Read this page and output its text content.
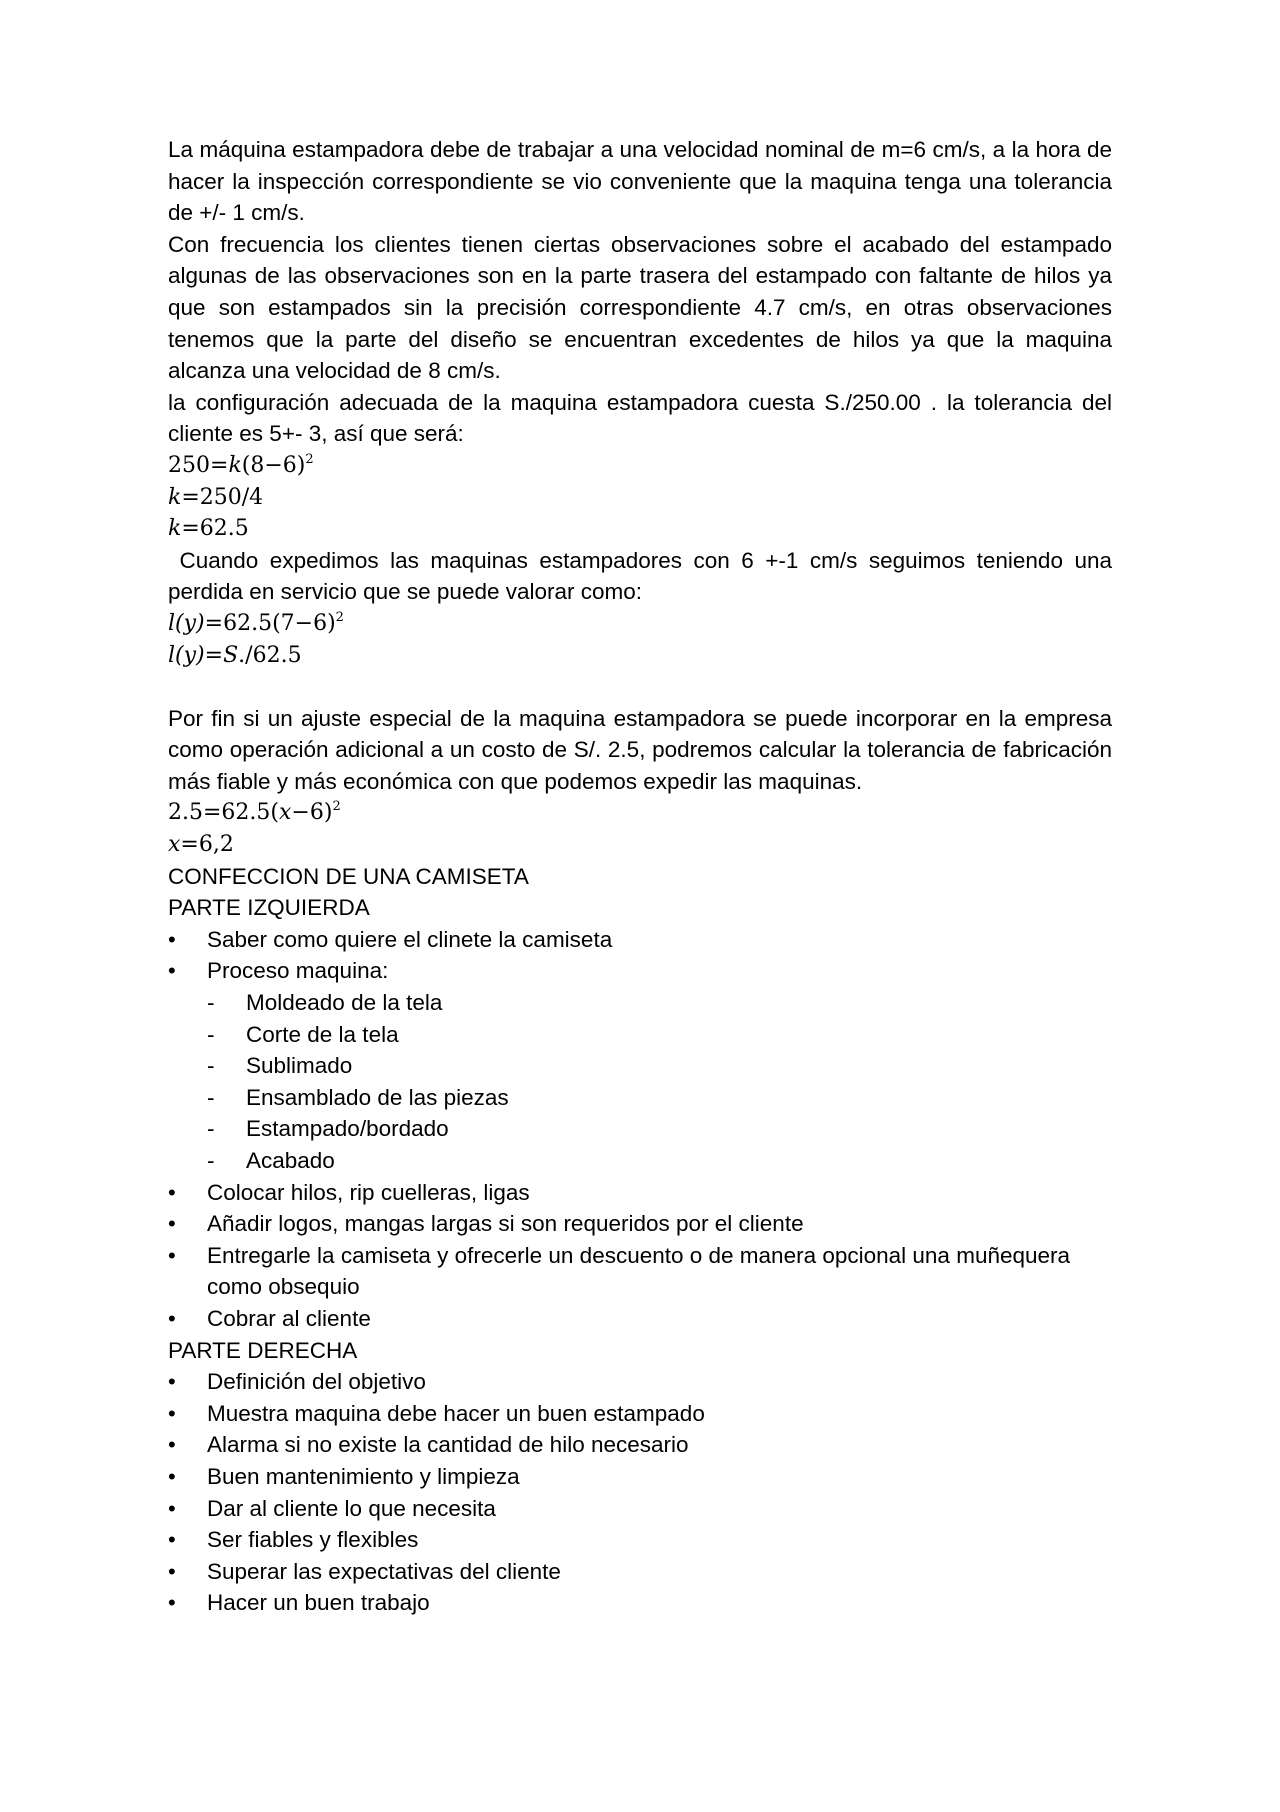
La máquina estampadora debe de trabajar a una velocidad nominal de m=6 cm/s, a la hora de hacer la inspección correspondiente se vio conveniente que la maquina tenga una tolerancia de +/- 1 cm/s.

Con frecuencia los clientes tienen ciertas observaciones sobre el acabado del estampado algunas de las observaciones son en la parte trasera del estampado con faltante de hilos ya que son estampados sin la precisión correspondiente 4.7 cm/s, en otras observaciones tenemos que la parte del diseño se encuentran excedentes de hilos ya que la maquina alcanza una velocidad de 8 cm/s.

la configuración adecuada de la maquina estampadora cuesta S./250.00 . la tolerancia del cliente es 5+- 3, así que será:

$250=k(8-6)^2$

k=250/4

k=62.5

Cuando expedimos las maquinas estampadores con 6 +-1 cm/s seguimos teniendo una perdida en servicio que se puede valorar como:

$l(y)=62.5(7-6)^2$

l(y)=S./62.5

Por fin si un ajuste especial de la maquina estampadora se puede incorporar en la empresa como operación adicional a un costo de S/. 2.5, podremos calcular la tolerancia de fabricación más fiable y más económica con que podemos expedir las maquinas.

$2.5=62.5(x-6)^2$

x=6,2

CONFECCION DE UNA CAMISETA

PARTE IZQUIERDA

•
Saber como quiere el clinete la camiseta
•
Proceso maquina:
- Moldeado de la tela
- Corte de la tela
- Sublimado
- Ensamblado de las piezas
- Estampado/bordado
- Acabado
•
Colocar hilos, rip cuelleras, ligas
•
Añadir logos, mangas largas si son requeridos por el cliente
•
Entregarle la camiseta y ofrecerle un descuento o de manera opcional una muñequera como obsequio
•
Cobrar al cliente

PARTE DERECHA

•
Definición del objetivo
•
Muestra maquina debe hacer un buen estampado
•
Alarma si no existe la cantidad de hilo necesario
•
Buen mantenimiento y limpieza
•
Dar al cliente lo que necesita
•
Ser fiables y flexibles
•
Superar las expectativas del cliente
•
Hacer un buen trabajo
